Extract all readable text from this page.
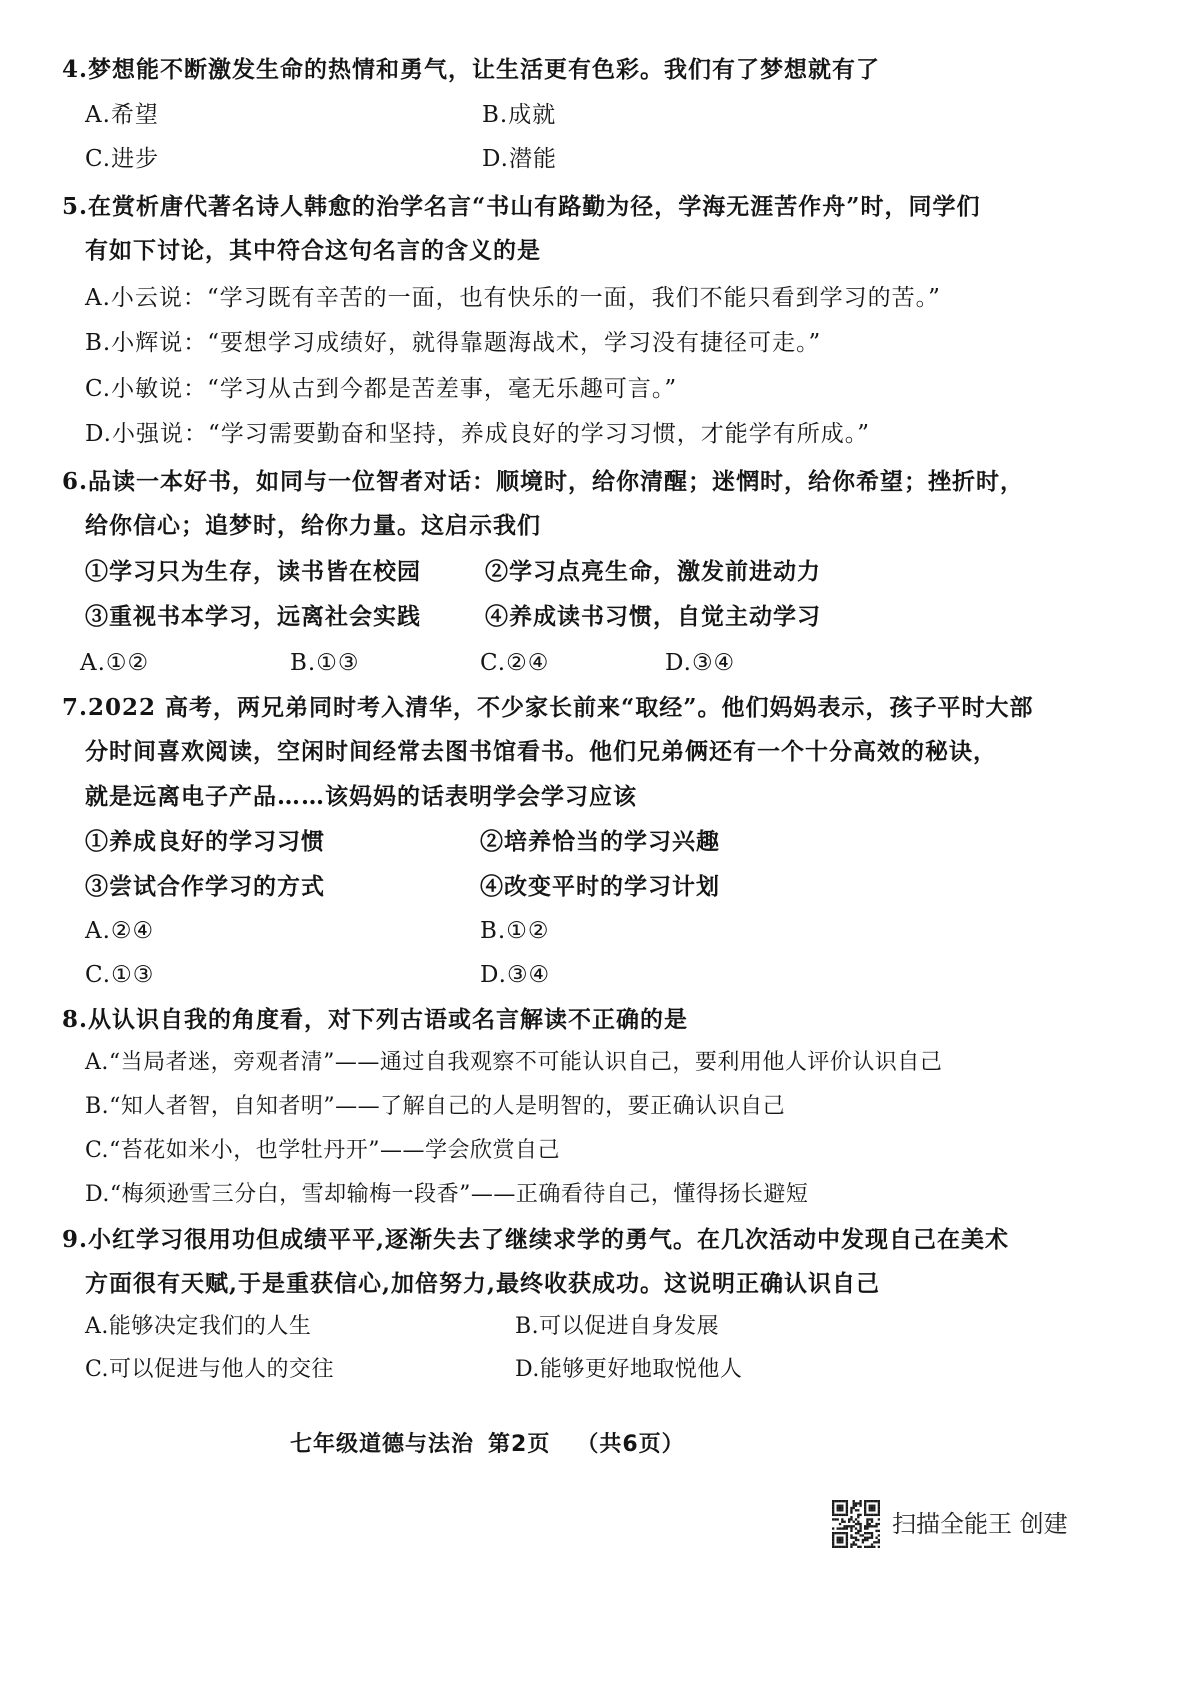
4.梦想能不断激发生命的热情和勇气，让生活更有色彩。我们有了梦想就有了
A.希望	B.成就
C.进步	D.潜能
5.在赏析唐代著名诗人韩愈的治学名言“书山有路勤为径，学海无涯苦作舟”时，同学们
有如下讨论，其中符合这句名言的含义的是
A.小云说：“学习既有辛苦的一面，也有快乐的一面，我们不能只看到学习的苦。”
B.小辉说：“要想学习成绩好，就得靠题海战术，学习没有捷径可走。”
C.小敏说：“学习从古到今都是苦差事，毫无乐趣可言。”
D.小强说：“学习需要勤奋和坚持，养成良好的学习习惯，才能学有所成。”
6.品读一本好书，如同与一位智者对话：顺境时，给你清醒；迷惘时，给你希望；挫折时，
给你信心；追梦时，给你力量。这启示我们
①学习只为生存，读书皆在校园	②学习点亮生命，激发前进动力
③重视书本学习，远离社会实践	④养成读书习惯，自觉主动学习
A.①②	B.①③	C.②④	D.③④
7.2022 高考，两兄弟同时考入清华，不少家长前来“取经”。他们妈妈表示，孩子平时大部
分时间喜欢阅读，空闲时间经常去图书馆看书。他们兄弟俩还有一个十分高效的秘诀，
就是远离电子产品……该妈妈的话表明学会学习应该
①养成良好的学习习惯	②培养恰当的学习兴趣
③尝试合作学习的方式	④改变平时的学习计划
A.②④	B.①②
C.①③	D.③④
8.从认识自我的角度看，对下列古语或名言解读不正确的是
A.“当局者迷，旁观者清”——通过自我观察不可能认识自己，要利用他人评价认识自己
B.“知人者智，自知者明”——了解自己的人是明智的，要正确认识自己
C.“苔花如米小，也学牡丹开”——学会欣赏自己
D.“梅须逊雪三分白，雪却输梅一段香”——正确看待自己，懂得扬长避短
9.小红学习很用功但成绩平平,逐渐失去了继续求学的勇气。在几次活动中发现自己在美术
方面很有天赋,于是重获信心,加倍努力,最终收获成功。这说明正确认识自己
A.能够决定我们的人生	B.可以促进自身发展
C.可以促进与他人的交往	D.能够更好地取悦他人
七年级道德与法治 第2页 （共6页）
扫描全能王 创建
